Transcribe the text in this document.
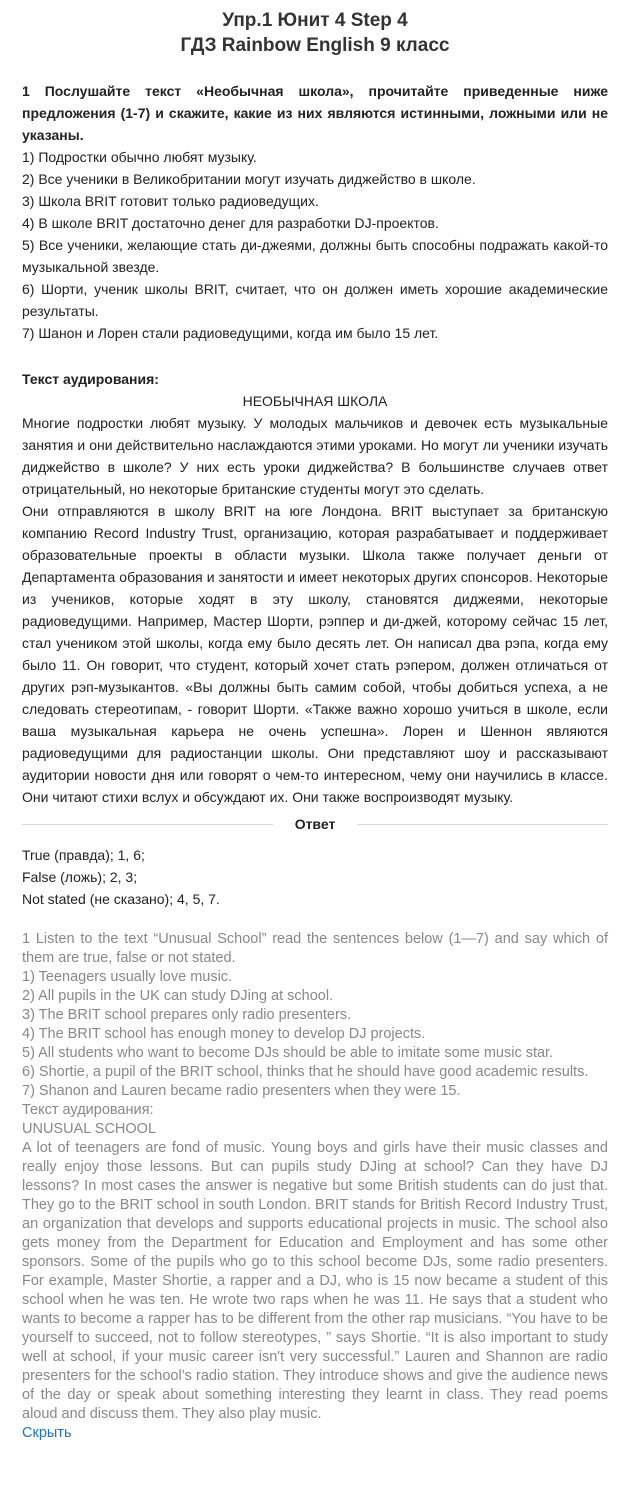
Упр.1 Юнит 4 Step 4
ГДЗ Rainbow English 9 класс
1 Послушайте текст «Необычная школа», прочитайте приведенные ниже предложения (1-7) и скажите, какие из них являются истинными, ложными или не указаны.
1) Подростки обычно любят музыку.
2) Все ученики в Великобритании могут изучать диджейство в школе.
3) Школа BRIT готовит только радиоведущих.
4) В школе BRIT достаточно денег для разработки DJ-проектов.
5) Все ученики, желающие стать ди-джеями, должны быть способны подражать какой-то музыкальной звезде.
6) Шорти, ученик школы BRIT, считает, что он должен иметь хорошие академические результаты.
7) Шанон и Лорен стали радиоведущими, когда им было 15 лет.
Текст аудирования:
НЕОБЫЧНАЯ ШКОЛА
Многие подростки любят музыку. У молодых мальчиков и девочек есть музыкальные занятия и они действительно наслаждаются этими уроками. Но могут ли ученики изучать диджейство в школе? У них есть уроки диджейства? В большинстве случаев ответ отрицательный, но некоторые британские студенты могут это сделать.
Они отправляются в школу BRIT на юге Лондона. BRIT выступает за британскую компанию Record Industry Trust, организацию, которая разрабатывает и поддерживает образовательные проекты в области музыки. Школа также получает деньги от Департамента образования и занятости и имеет некоторых других спонсоров. Некоторые из учеников, которые ходят в эту школу, становятся диджеями, некоторые радиоведущими. Например, Мастер Шорти, рэппер и ди-джей, которому сейчас 15 лет, стал учеником этой школы, когда ему было десять лет. Он написал два рэпа, когда ему было 11. Он говорит, что студент, который хочет стать рэпером, должен отличаться от других рэп-музыкантов. «Вы должны быть самим собой, чтобы добиться успеха, а не следовать стереотипам, - говорит Шорти. «Также важно хорошо учиться в школе, если ваша музыкальная карьера не очень успешна». Лорен и Шеннон являются радиоведущими для радиостанции школы. Они представляют шоу и рассказывают аудитории новости дня или говорят о чем-то интересном, чему они научились в классе. Они читают стихи вслух и обсуждают их. Они также воспроизводят музыку.
Ответ
True (правда); 1, 6;
False (ложь); 2, 3;
Not stated (не сказано); 4, 5, 7.
1 Listen to the text “Unusual School” read the sentences below (1—7) and say which of them are true, false or not stated.
1) Teenagers usually love music.
2) All pupils in the UK can study DJing at school.
3) The BRIT school prepares only radio presenters.
4) The BRIT school has enough money to develop DJ projects.
5) All students who want to become DJs should be able to imitate some music star.
6) Shortie, a pupil of the BRIT school, thinks that he should have good academic results.
7) Shanon and Lauren became radio presenters when they were 15.
Текст аудирования:
UNUSUAL SCHOOL
A lot of teenagers are fond of music. Young boys and girls have their music classes and really enjoy those lessons. But can pupils study DJing at school? Can they have DJ lessons? In most cases the answer is negative but some British students can do just that. They go to the BRIT school in south London. BRIT stands for British Record Industry Trust, an organization that develops and supports educational projects in music. The school also gets money from the Department for Education and Employment and has some other sponsors. Some of the pupils who go to this school become DJs, some radio presenters. For example, Master Shortie, a rapper and a DJ, who is 15 now became a student of this school when he was ten. He wrote two raps when he was 11. He says that a student who wants to become a rapper has to be different from the other rap musicians. “You have to be yourself to succeed, not to follow stereotypes, ” says Shortie. “It is also important to study well at school, if your music career isn't very successful.” Lauren and Shannon are radio presenters for the school’s radio station. They introduce shows and give the audience news of the day or speak about something interesting they learnt in class. They read poems aloud and discuss them. They also play music.
Скрыть
